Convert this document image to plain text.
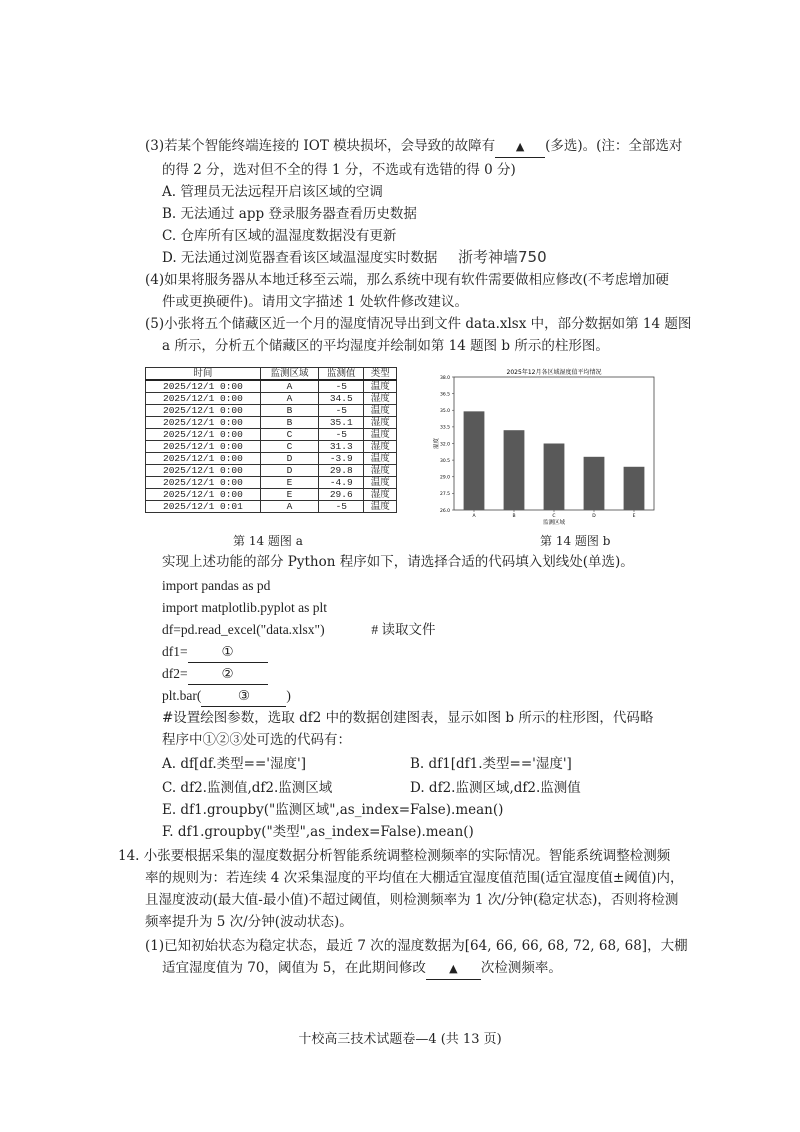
(3)若某个智能终端连接的 IOT 模块损坏，会导致的故障有 ▲ (多选)。(注：全部选对
的得 2 分，选对但不全的得 1 分，不选或有选错的得 0 分)
A. 管理员无法远程开启该区域的空调
B. 无法通过 app 登录服务器查看历史数据
C. 仓库所有区域的温湿度数据没有更新
D. 无法通过浏览器查看该区域温湿度实时数据 浙考神墙750
(4)如果将服务器从本地迁移至云端，那么系统中现有软件需要做相应修改(不考虑增加硬
件或更换硬件)。请用文字描述 1 处软件修改建议。
(5)小张将五个储藏区近一个月的湿度情况导出到文件 data.xlsx 中，部分数据如第 14 题图
a 所示，分析五个储藏区的平均湿度并绘制如第 14 题图 b 所示的柱形图。
时间	监测区域	监测值	类型
2025/12/1 0:00	A	-5	温度
2025/12/1 0:00	A	34.5	湿度
2025/12/1 0:00	B	-5	温度
2025/12/1 0:00	B	35.1	湿度
2025/12/1 0:00	C	-5	温度
2025/12/1 0:00	C	31.3	湿度
2025/12/1 0:00	D	-3.9	温度
2025/12/1 0:00	D	29.8	湿度
2025/12/1 0:00	E	-4.9	温度
2025/12/1 0:00	E	29.6	湿度
2025/12/1 0:01	A	-5	温度
第 14 题图 a
2025年12月各区域湿度值平均情况
26.0
27.5
29.0
30.5
32.0
33.5
35.0
36.5
38.0
湿度
A	B	C	D	E
监测区域
第 14 题图 b
实现上述功能的部分 Python 程序如下，请选择合适的代码填入划线处(单选)。
import pandas as pd
import matplotlib.pyplot as plt
df=pd.read_excel("data.xlsx")	# 读取文件
df1=	①
df2=	②
plt.bar(	③	)
#设置绘图参数，选取 df2 中的数据创建图表，显示如图 b 所示的柱形图，代码略
程序中①②③处可选的代码有：
A. df[df.类型=='湿度']	B. df1[df1.类型=='湿度']
C. df2.监测值,df2.监测区域	D. df2.监测区域,df2.监测值
E. df1.groupby("监测区域",as_index=False).mean()
F. df1.groupby("类型",as_index=False).mean()
14. 小张要根据采集的湿度数据分析智能系统调整检测频率的实际情况。智能系统调整检测频
率的规则为：若连续 4 次采集湿度的平均值在大棚适宜湿度值范围(适宜湿度值±阈值)内，
且湿度波动(最大值-最小值)不超过阈值，则检测频率为 1 次/分钟(稳定状态)，否则将检测
频率提升为 5 次/分钟(波动状态)。
(1)已知初始状态为稳定状态，最近 7 次的湿度数据为[64, 66, 66, 68, 72, 68, 68]，大棚
适宜湿度值为 70，阈值为 5，在此期间修改 ▲ 次检测频率。
十校高三技术试题卷—4 (共 13 页)
